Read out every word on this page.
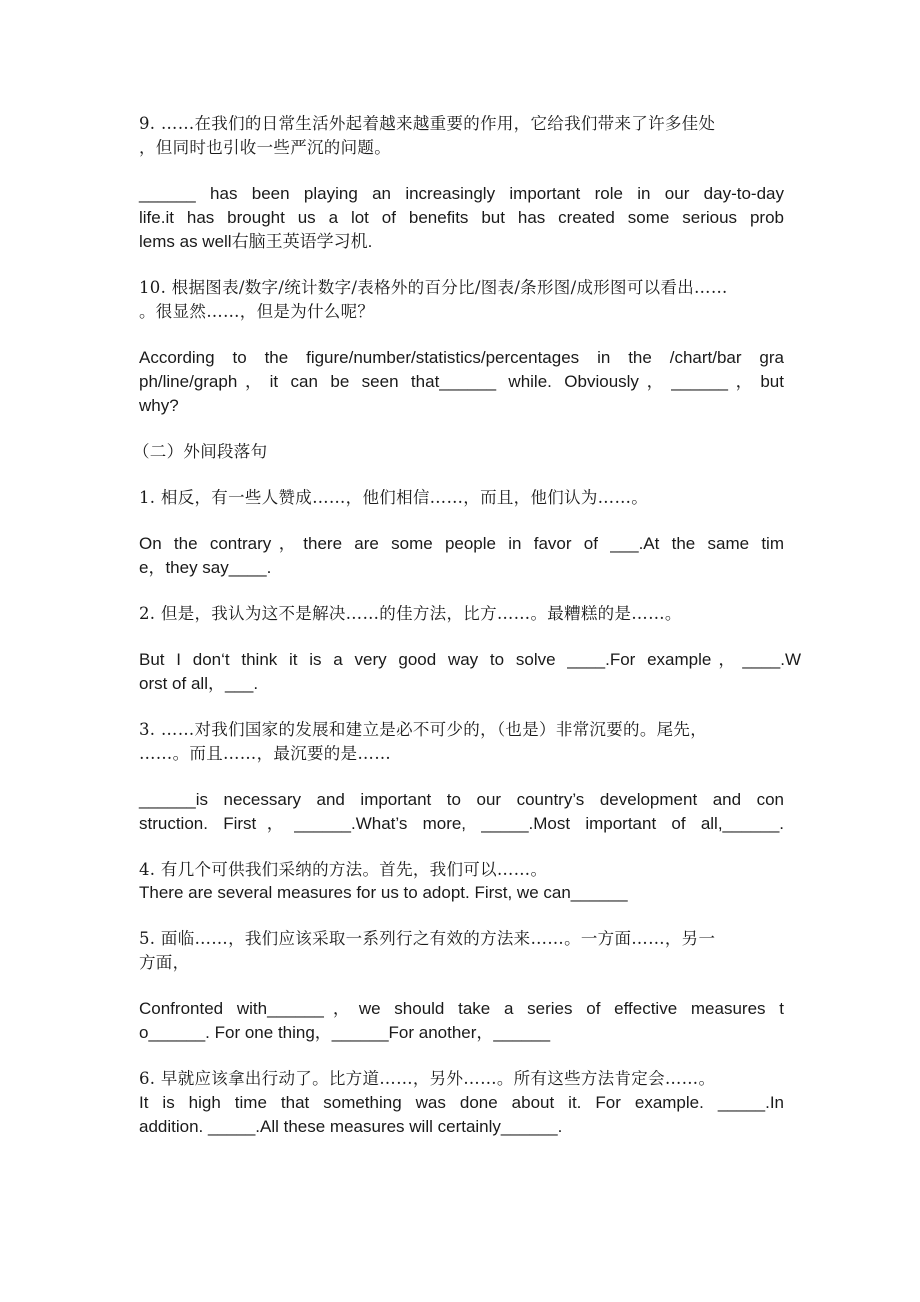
9. ……在我们的日常生活外起着越来越重要的作用，它给我们带来了许多佳处
，但同时也引收一些严沉的问题。
______ has been playing an increasingly important role in our day-to-day
life.it has brought us a lot of benefits but has created some serious prob
lems as well右脑王英语学习机.
10. 根据图表/数字/统计数字/表格外的百分比/图表/条形图/成形图可以看出……
。很显然……，但是为什么呢？
According to the figure/number/statistics/percentages in the /chart/bar gra
ph/line/graph，it can be seen that______ while. Obviously，______，but
why?
（二）外间段落句
1. 相反，有一些人赞成……，他们相信……，而且，他们认为……。
On the contrary，there are some people in favor of ___.At the same tim
e，they say____.
2. 但是，我认为这不是解决……的佳方法，比方……。最糟糕的是……。
But I don‘t think it is a very good way to solve ____.For example，____.W
orst of all，___.
3. ……对我们国家的发展和建立是必不可少的，（也是）非常沉要的。尾先，
……。而且……，最沉要的是……
______is necessary and important to our country’s development and con
struction. First，______.What’s more, _____.Most important of all,______.
4. 有几个可供我们采纳的方法。首先，我们可以……。
There are several measures for us to adopt. First, we can______
5. 面临……，我们应该采取一系列行之有效的方法来……。一方面……，另一
方面，
Confronted with______，we should take a series of effective measures t
o______. For one thing，______For another，______
6. 早就应该拿出行动了。比方道……，另外……。所有这些方法肯定会……。
It is high time that something was done about it. For example. _____.In
addition. _____.All these measures will certainly______.
